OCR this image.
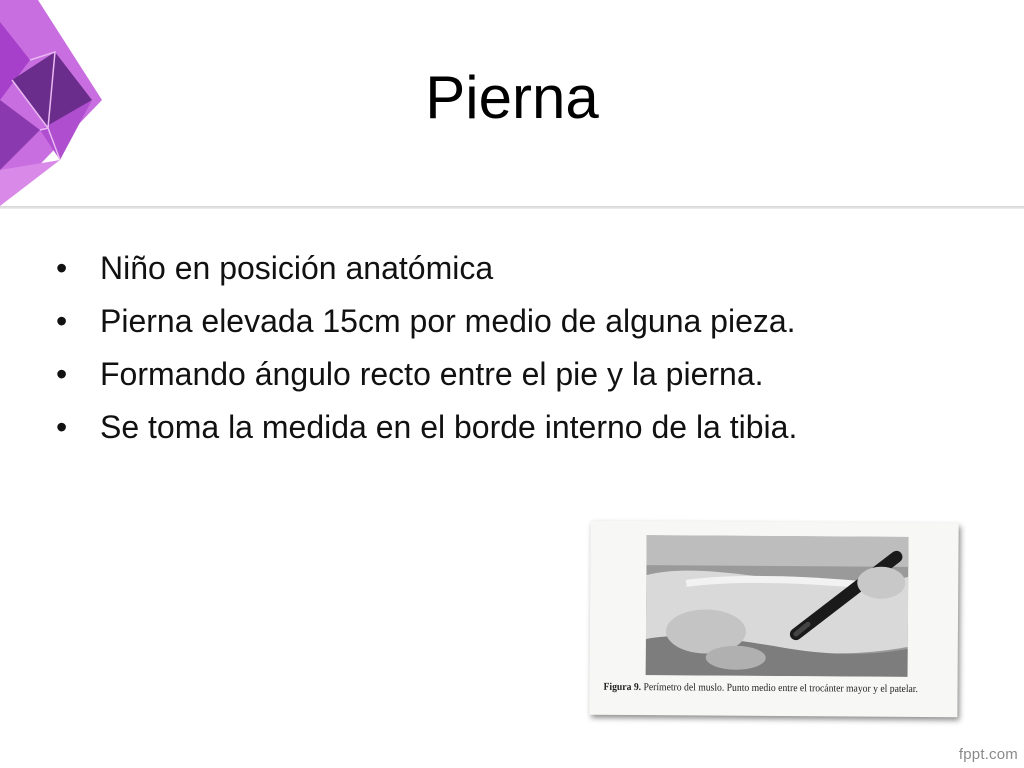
Pierna
• Niño en posición anatómica
• Pierna elevada 15cm por medio de alguna pieza.
• Formando ángulo recto entre el pie y la pierna.
• Se toma la medida en el borde interno de la tibia.
Figura 9. Perímetro del muslo. Punto medio entre el trocánter mayor y el patelar.
fppt.com
